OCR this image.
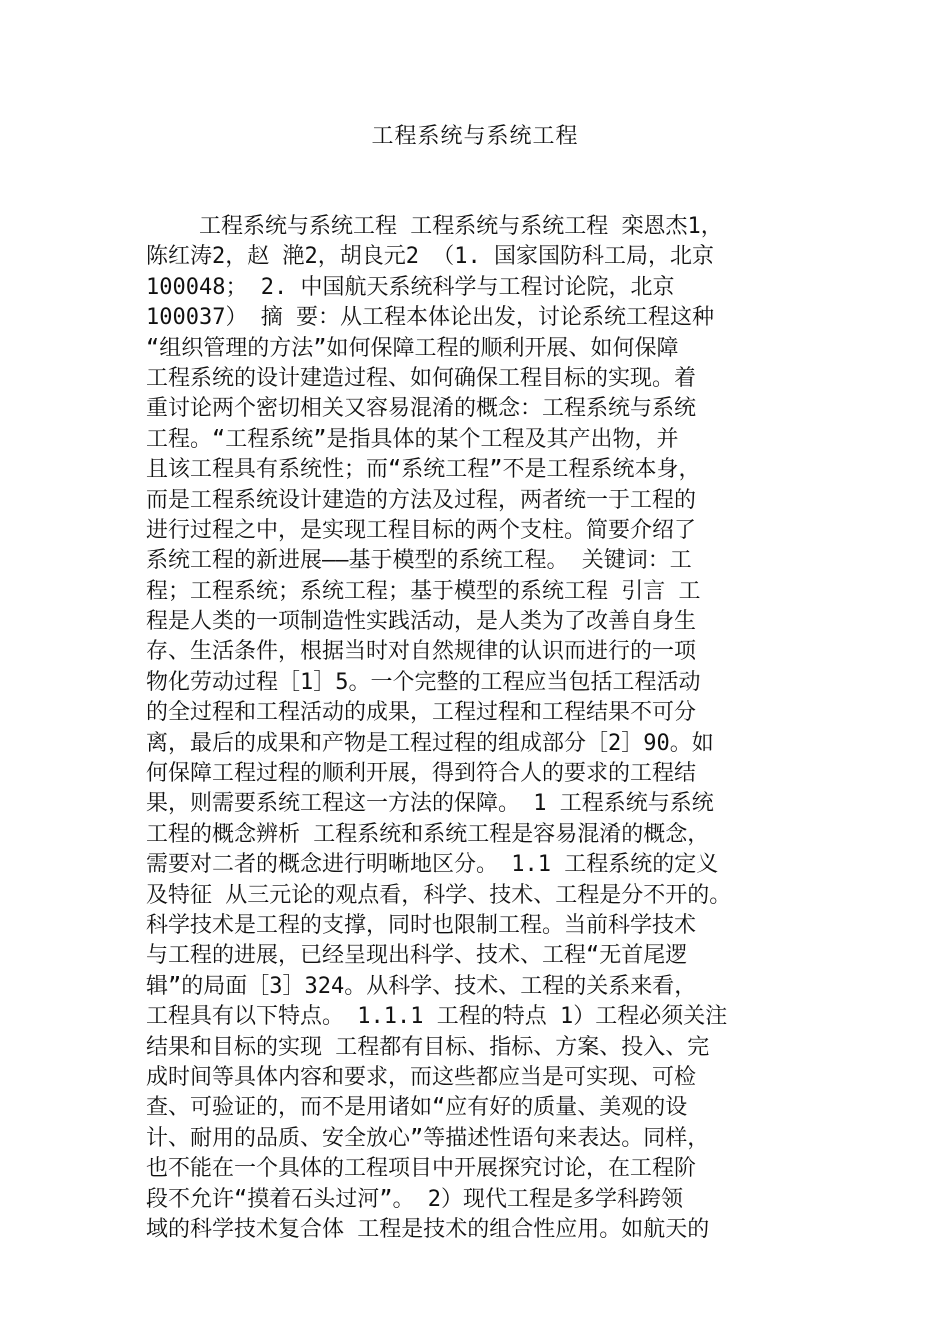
工程系统与系统工程
工程系统与系统工程 工程系统与系统工程 栾恩杰1，
陈红涛2，赵 滟2，胡良元2 （1. 国家国防科工局，北京
100048； 2. 中国航天系统科学与工程讨论院，北京
100037） 摘 要：从工程本体论出发，讨论系统工程这种
“组织管理的方法”如何保障工程的顺利开展、如何保障
工程系统的设计建造过程、如何确保工程目标的实现。着
重讨论两个密切相关又容易混淆的概念：工程系统与系统
工程。“工程系统”是指具体的某个工程及其产出物，并
且该工程具有系统性；而“系统工程”不是工程系统本身，
而是工程系统设计建造的方法及过程，两者统一于工程的
进行过程之中，是实现工程目标的两个支柱。简要介绍了
系统工程的新进展——基于模型的系统工程。 关键词：工
程；工程系统；系统工程；基于模型的系统工程 引言 工
程是人类的一项制造性实践活动，是人类为了改善自身生
存、生活条件，根据当时对自然规律的认识而进行的一项
物化劳动过程［1］5。一个完整的工程应当包括工程活动
的全过程和工程活动的成果，工程过程和工程结果不可分
离，最后的成果和产物是工程过程的组成部分［2］90。如
何保障工程过程的顺利开展，得到符合人的要求的工程结
果，则需要系统工程这一方法的保障。 1 工程系统与系统
工程的概念辨析 工程系统和系统工程是容易混淆的概念，
需要对二者的概念进行明晰地区分。 1.1 工程系统的定义
及特征 从三元论的观点看，科学、技术、工程是分不开的。
科学技术是工程的支撑，同时也限制工程。当前科学技术
与工程的进展，已经呈现出科学、技术、工程“无首尾逻
辑”的局面［3］324。从科学、技术、工程的关系来看，
工程具有以下特点。 1.1.1 工程的特点 1）工程必须关注
结果和目标的实现 工程都有目标、指标、方案、投入、完
成时间等具体内容和要求，而这些都应当是可实现、可检
查、可验证的，而不是用诸如“应有好的质量、美观的设
计、耐用的品质、安全放心”等描述性语句来表达。同样，
也不能在一个具体的工程项目中开展探究讨论，在工程阶
段不允许“摸着石头过河”。 2）现代工程是多学科跨领
域的科学技术复合体 工程是技术的组合性应用。如航天的
